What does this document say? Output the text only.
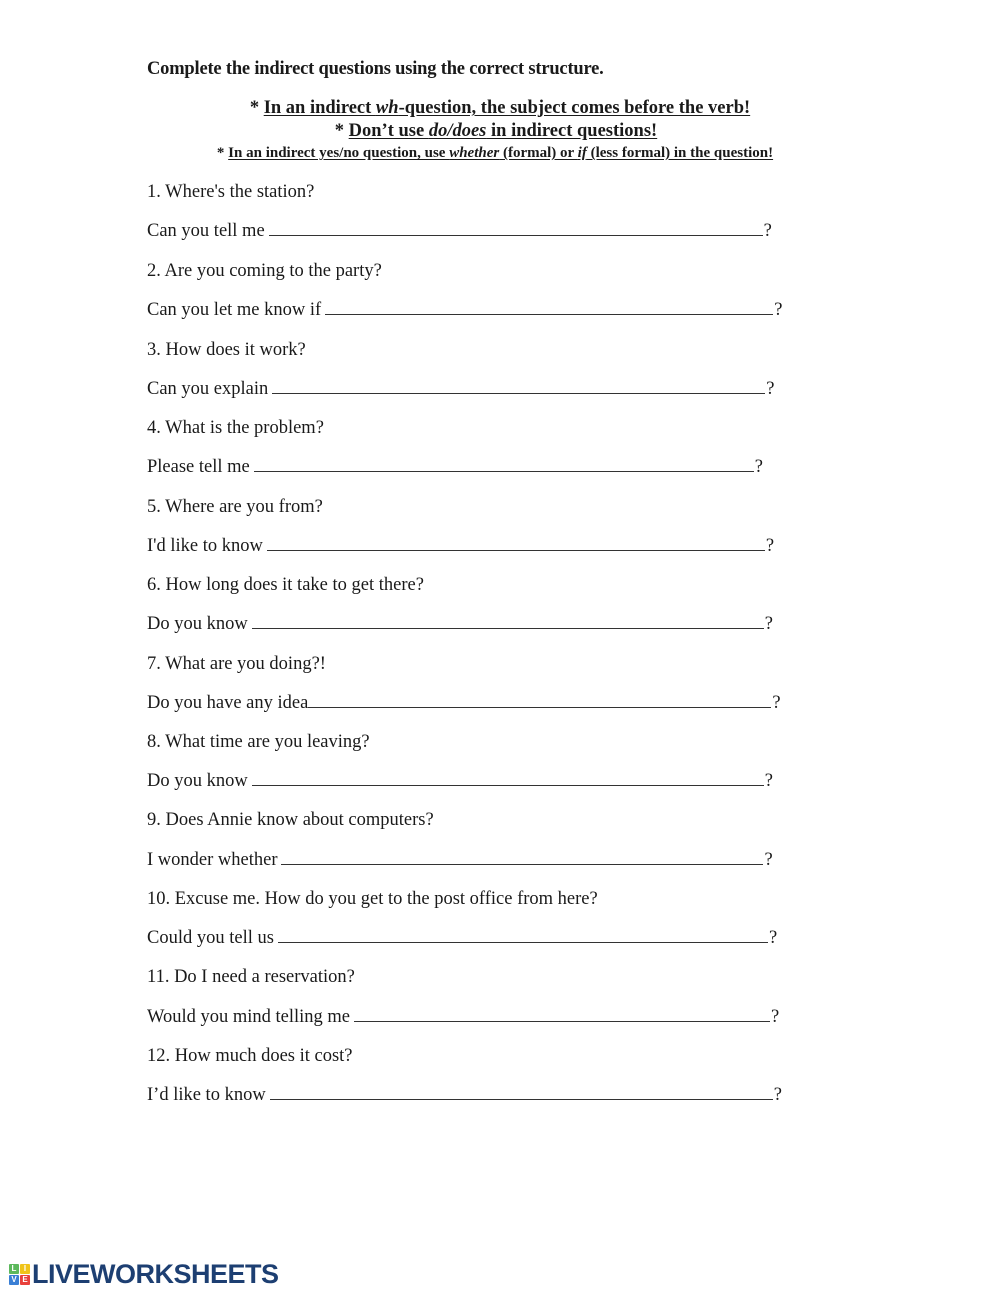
Complete the indirect questions using the correct structure.
* In an indirect wh-question, the subject comes before the verb!
* Don’t use do/does in indirect questions!
* In an indirect yes/no question, use whether (formal) or if (less formal) in the question!
1. Where's the station?
Can you tell me	?
2. Are you coming to the party?
Can you let me know if	?
3. How does it work?
Can you explain	?
4. What is the problem?
Please tell me	?
5. Where are you from?
I'd like to know	?
6. How long does it take to get there?
Do you know	?
7. What are you doing?!
Do you have any idea	?
8. What time are you leaving?
Do you know	?
9. Does Annie know about computers?
I wonder whether	?
10. Excuse me. How do you get to the post office from here?
Could you tell us	?
11. Do I need a reservation?
Would you mind telling me	?
12. How much does it cost?
I’d like to know	?
L I
V E LIVEWORKSHEETS
